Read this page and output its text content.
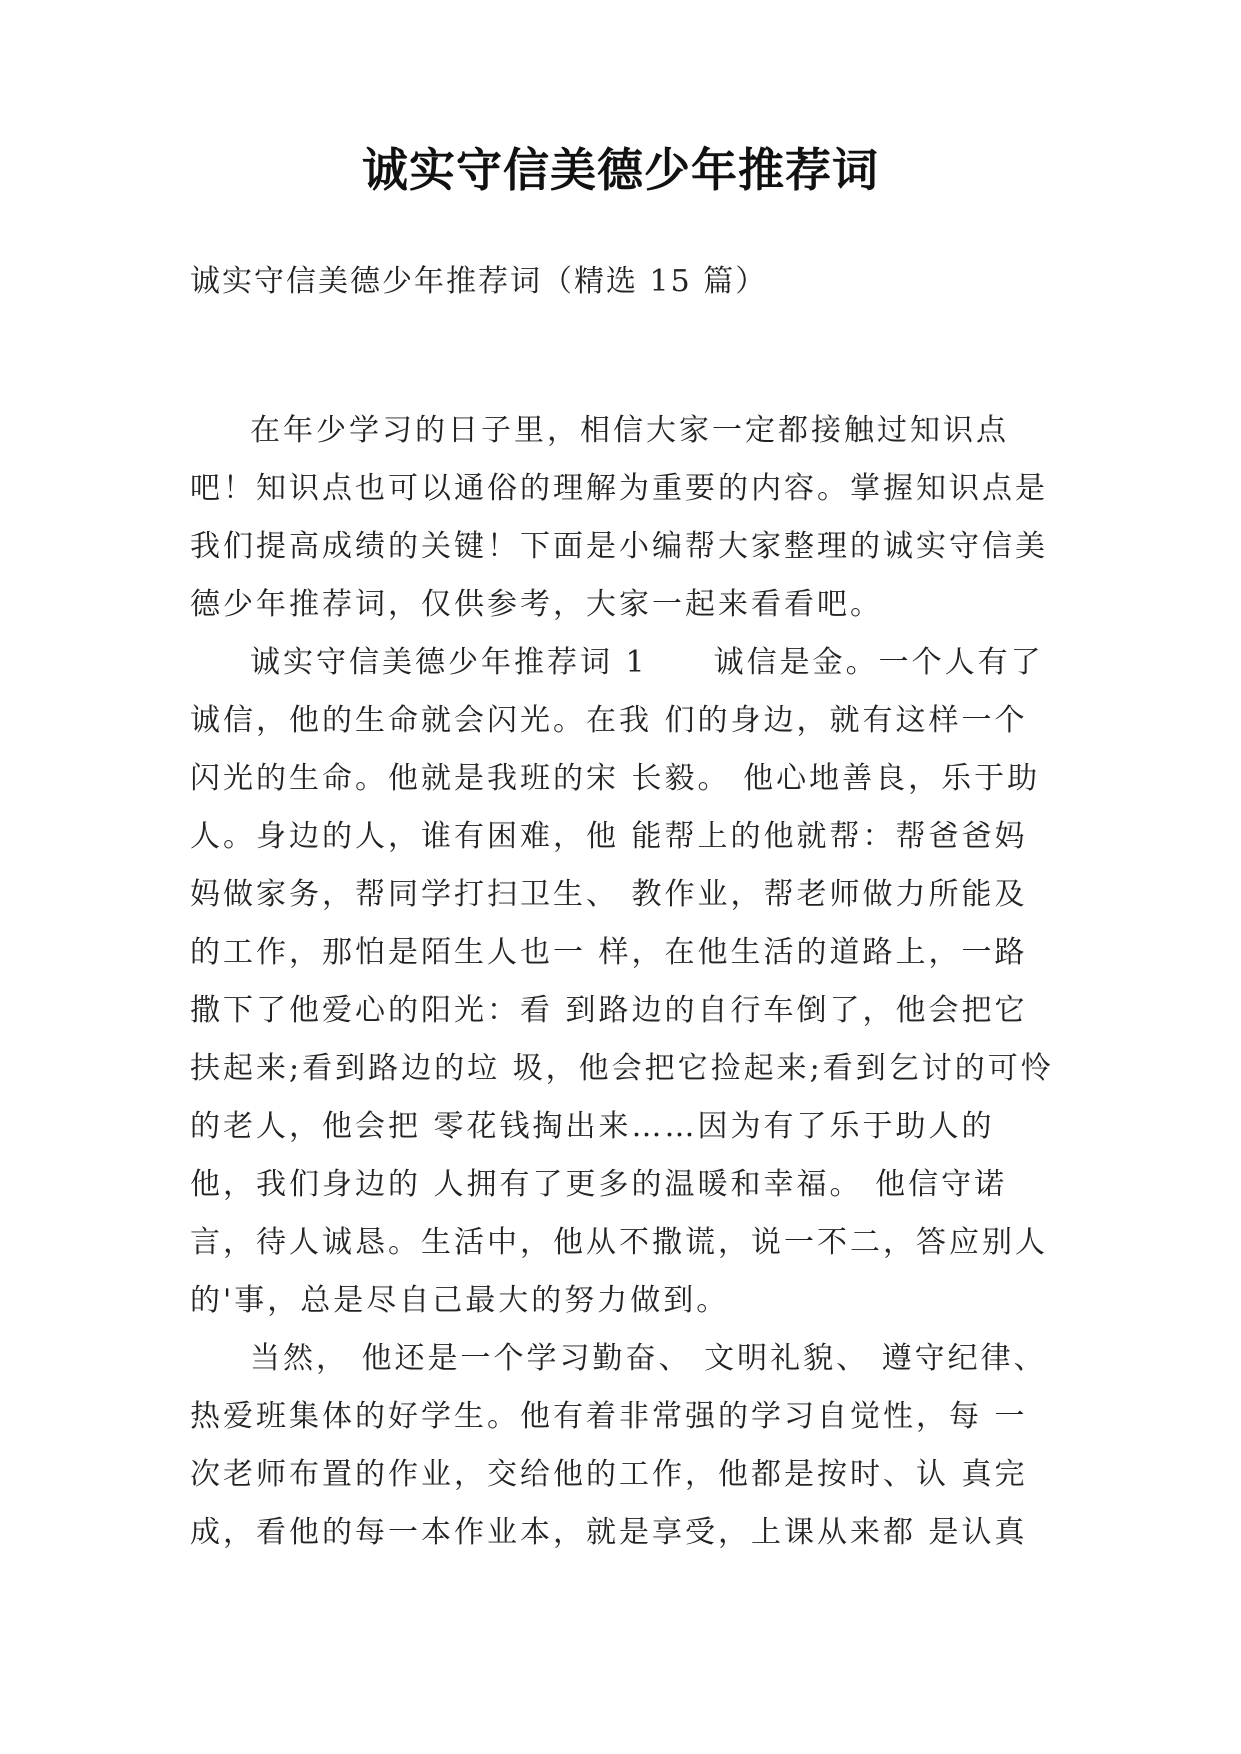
诚实守信美德少年推荐词
诚实守信美德少年推荐词（精选 15 篇）

在年少学习的日子里，相信大家一定都接触过知识点吧！知识点也可以通俗的理解为重要的内容。掌握知识点是我们提高成绩的关键！下面是小编帮大家整理的诚实守信美德少年推荐词，仅供参考，大家一起来看看吧。

诚实守信美德少年推荐词 1　　诚信是金。一个人有了诚信，他的生命就会闪光。在我 们的身边，就有这样一个闪光的生命。他就是我班的宋 长毅。 他心地善良，乐于助人。身边的人，谁有困难，他 能帮上的他就帮：帮爸爸妈妈做家务，帮同学打扫卫生、 教作业，帮老师做力所能及的工作，那怕是陌生人也一 样，在他生活的道路上，一路撒下了他爱心的阳光：看 到路边的自行车倒了，他会把它扶起来;看到路边的垃 圾，他会把它捡起来;看到乞讨的可怜的老人，他会把 零花钱掏出来……因为有了乐于助人的他，我们身边的 人拥有了更多的温暖和幸福。 他信守诺言，待人诚恳。生活中，他从不撒谎，说一不二，答应别人的'事，总是尽自己最大的努力做到。

当然， 他还是一个学习勤奋、 文明礼貌、 遵守纪律、热爱班集体的好学生。他有着非常强的学习自觉性，每 一次老师布置的作业，交给他的工作，他都是按时、认 真完成，看他的每一本作业本，就是享受，上课从来都 是认真
